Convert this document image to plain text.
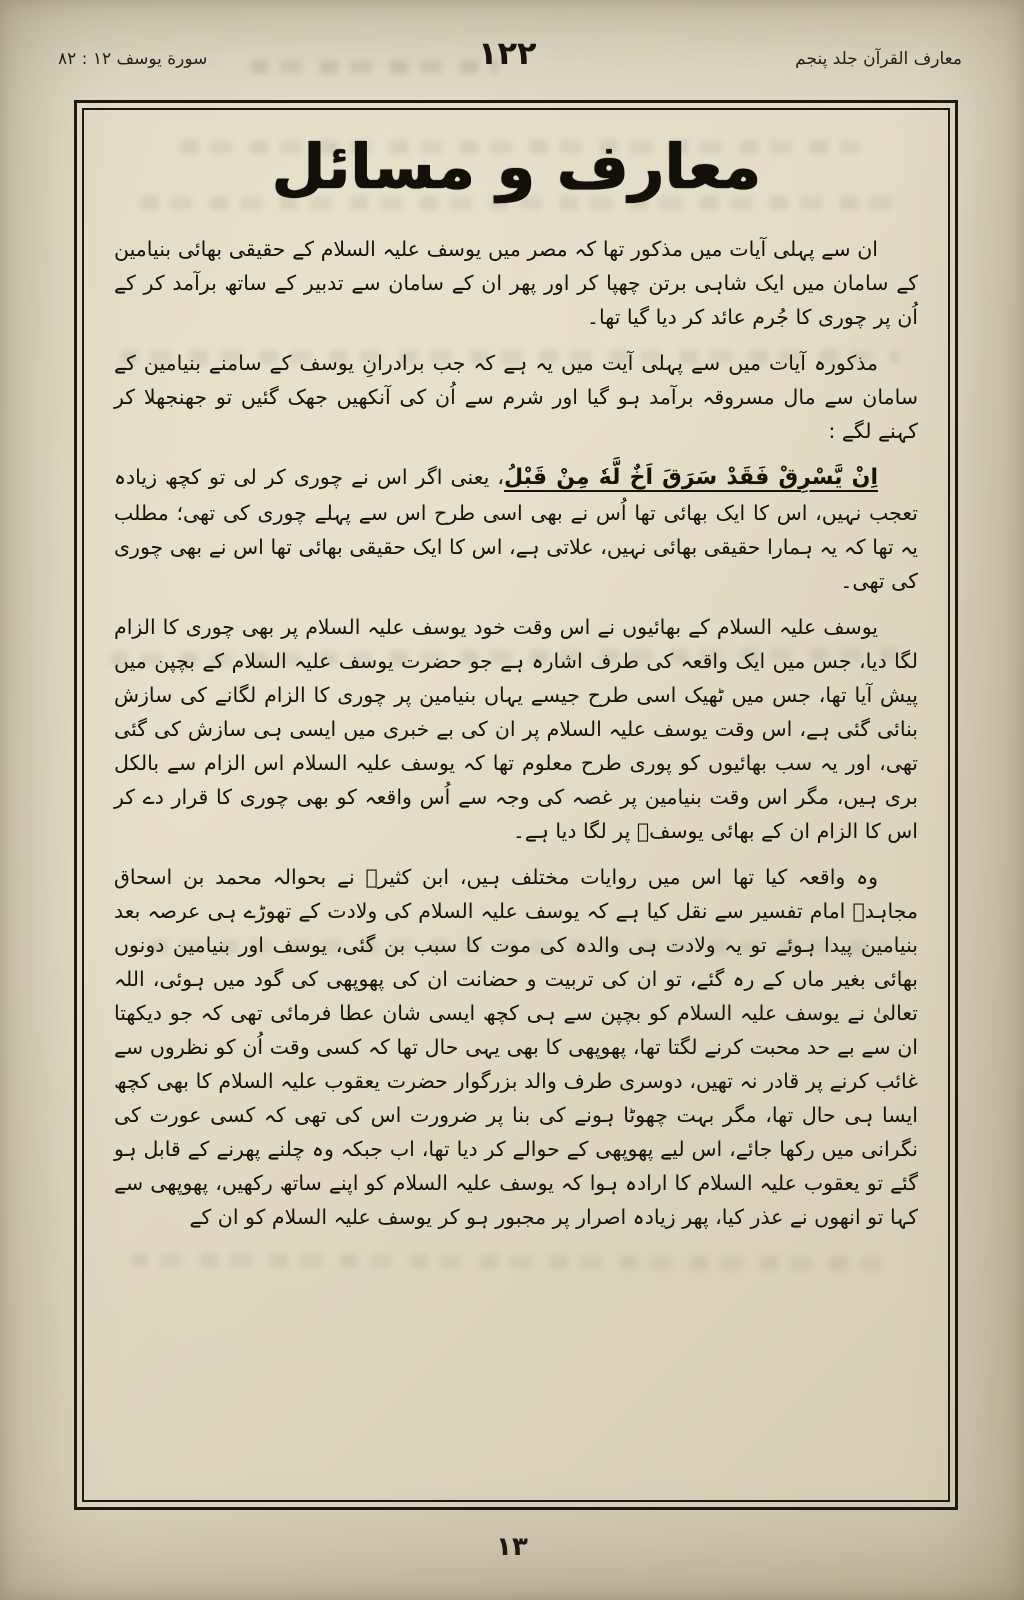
معارف القرآن جلد پنجم
١٢٢
سورة يوسف ١٢ : ٨٢
معارف و مسائل

ان سے پہلی آیات میں مذکور تھا کہ مصر میں یوسف علیہ السلام کے حقیقی بھائی بنیامین کے سامان میں ایک شاہی برتن چھپا کر اور پھر ان کے سامان سے تدبیر کے ساتھ برآمد کر کے اُن پر چوری کا جُرم عائد کر دیا گیا تھا۔

مذکورہ آیات میں سے پہلی آیت میں یہ ہے کہ جب برادرانِ یوسف کے سامنے بنیامین کے سامان سے مال مسروقہ برآمد ہو گیا اور شرم سے اُن کی آنکھیں جھک گئیں تو جھنجھلا کر کہنے لگے :

اِنْ يَّسْرِقْ فَقَدْ سَرَقَ اَخٌ لَّهٗ مِنْ قَبْلُ، یعنی اگر اس نے چوری کر لی تو کچھ زیادہ تعجب نہیں، اس کا ایک بھائی تھا اُس نے بھی اسی طرح اس سے پہلے چوری کی تھی؛ مطلب یہ تھا کہ یہ ہمارا حقیقی بھائی نہیں، علاتی ہے، اس کا ایک حقیقی بھائی تھا اس نے بھی چوری کی تھی۔

یوسف علیہ السلام کے بھائیوں نے اس وقت خود یوسف علیہ السلام پر بھی چوری کا الزام لگا دیا، جس میں ایک واقعہ کی طرف اشارہ ہے جو حضرت یوسف علیہ السلام کے بچپن میں پیش آیا تھا، جس میں ٹھیک اسی طرح جیسے یہاں بنیامین پر چوری کا الزام لگانے کی سازش بنائی گئی ہے، اس وقت یوسف علیہ السلام پر ان کی بے خبری میں ایسی ہی سازش کی گئی تھی، اور یہ سب بھائیوں کو پوری طرح معلوم تھا کہ یوسف علیہ السلام اس الزام سے بالکل بری ہیں، مگر اس وقت بنیامین پر غصہ کی وجہ سے اُس واقعہ کو بھی چوری کا قرار دے کر اس کا الزام ان کے بھائی یوسفؑ پر لگا دیا ہے۔

وہ واقعہ کیا تھا اس میں روایات مختلف ہیں، ابن کثیرؒ نے بحوالہ محمد بن اسحاق مجاہدؒ امام تفسیر سے نقل کیا ہے کہ یوسف علیہ السلام کی ولادت کے تھوڑے ہی عرصہ بعد بنیامین پیدا ہوئے تو یہ ولادت ہی والدہ کی موت کا سبب بن گئی، یوسف اور بنیامین دونوں بھائی بغیر ماں کے رہ گئے، تو ان کی تربیت و حضانت ان کی پھوپھی کی گود میں ہوئی، اللہ تعالیٰ نے یوسف علیہ السلام کو بچپن سے ہی کچھ ایسی شان عطا فرمائی تھی کہ جو دیکھتا ان سے بے حد محبت کرنے لگتا تھا، پھوپھی کا بھی یہی حال تھا کہ کسی وقت اُن کو نظروں سے غائب کرنے پر قادر نہ تھیں، دوسری طرف والد بزرگوار حضرت یعقوب علیہ السلام کا بھی کچھ ایسا ہی حال تھا، مگر بہت چھوٹا ہونے کی بنا پر ضرورت اس کی تھی کہ کسی عورت کی نگرانی میں رکھا جائے، اس لیے پھوپھی کے حوالے کر دیا تھا، اب جبکہ وہ چلنے پھرنے کے قابل ہو گئے تو یعقوب علیہ السلام کا ارادہ ہوا کہ یوسف علیہ السلام کو اپنے ساتھ رکھیں، پھوپھی سے کہا تو انھوں نے عذر کیا، پھر زیادہ اصرار پر مجبور ہو کر یوسف علیہ السلام کو ان کے

۱۳
